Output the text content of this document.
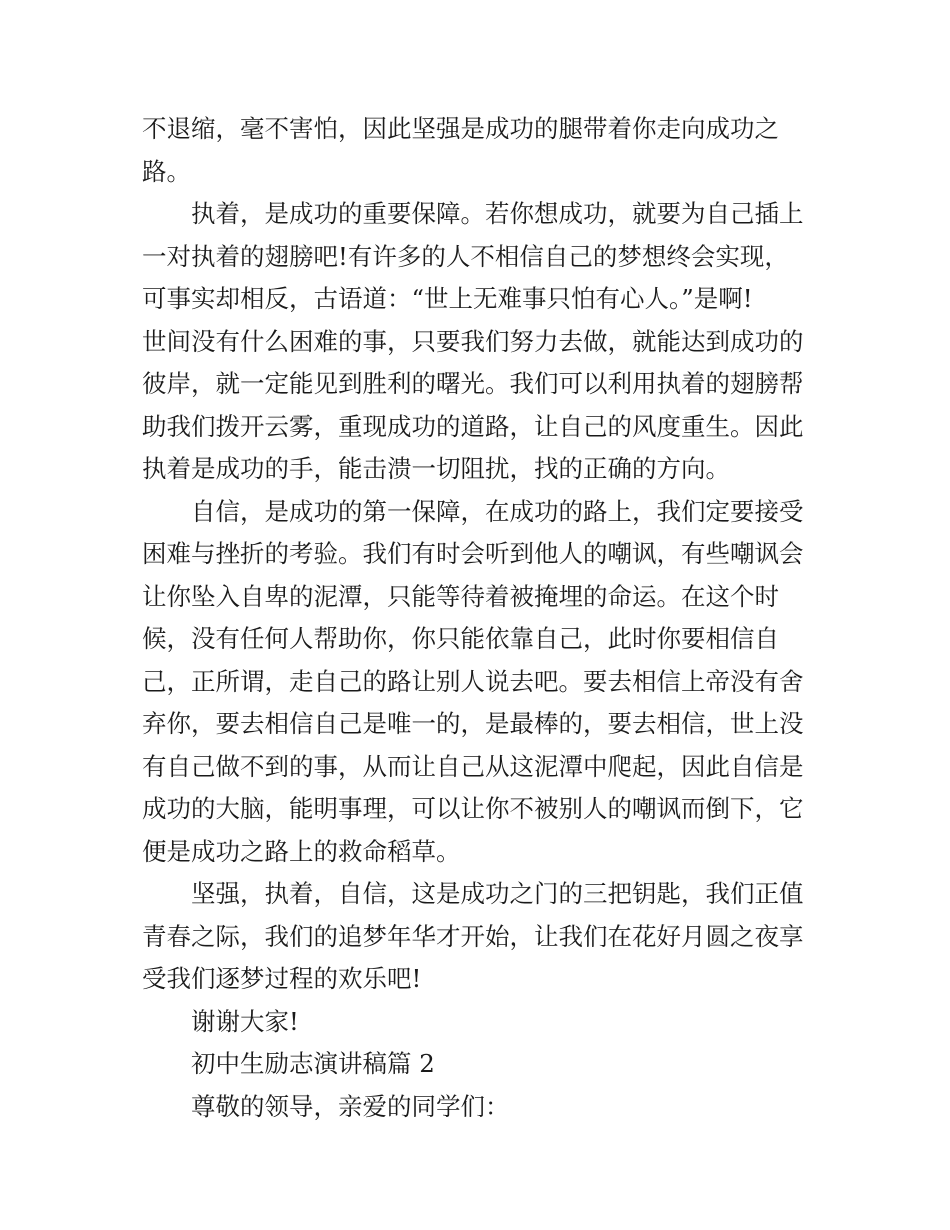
不退缩，毫不害怕，因此坚强是成功的腿带着你走向成功之
路。
执着，是成功的重要保障。若你想成功，就要为自己插上
一对执着的翅膀吧!有许多的人不相信自己的梦想终会实现，
可事实却相反，古语道：“世上无难事只怕有心人。”是啊!
世间没有什么困难的事，只要我们努力去做，就能达到成功的
彼岸，就一定能见到胜利的曙光。我们可以利用执着的翅膀帮
助我们拨开云雾，重现成功的道路，让自己的风度重生。因此
执着是成功的手，能击溃一切阻扰，找的正确的方向。
自信，是成功的第一保障，在成功的路上，我们定要接受
困难与挫折的考验。我们有时会听到他人的嘲讽，有些嘲讽会
让你坠入自卑的泥潭，只能等待着被掩埋的命运。在这个时
候，没有任何人帮助你，你只能依靠自己，此时你要相信自
己，正所谓，走自己的路让别人说去吧。要去相信上帝没有舍
弃你，要去相信自己是唯一的，是最棒的，要去相信，世上没
有自己做不到的事，从而让自己从这泥潭中爬起，因此自信是
成功的大脑，能明事理，可以让你不被别人的嘲讽而倒下，它
便是成功之路上的救命稻草。
坚强，执着，自信，这是成功之门的三把钥匙，我们正值
青春之际，我们的追梦年华才开始，让我们在花好月圆之夜享
受我们逐梦过程的欢乐吧!
谢谢大家!
初中生励志演讲稿篇 2
尊敬的领导，亲爱的同学们：
